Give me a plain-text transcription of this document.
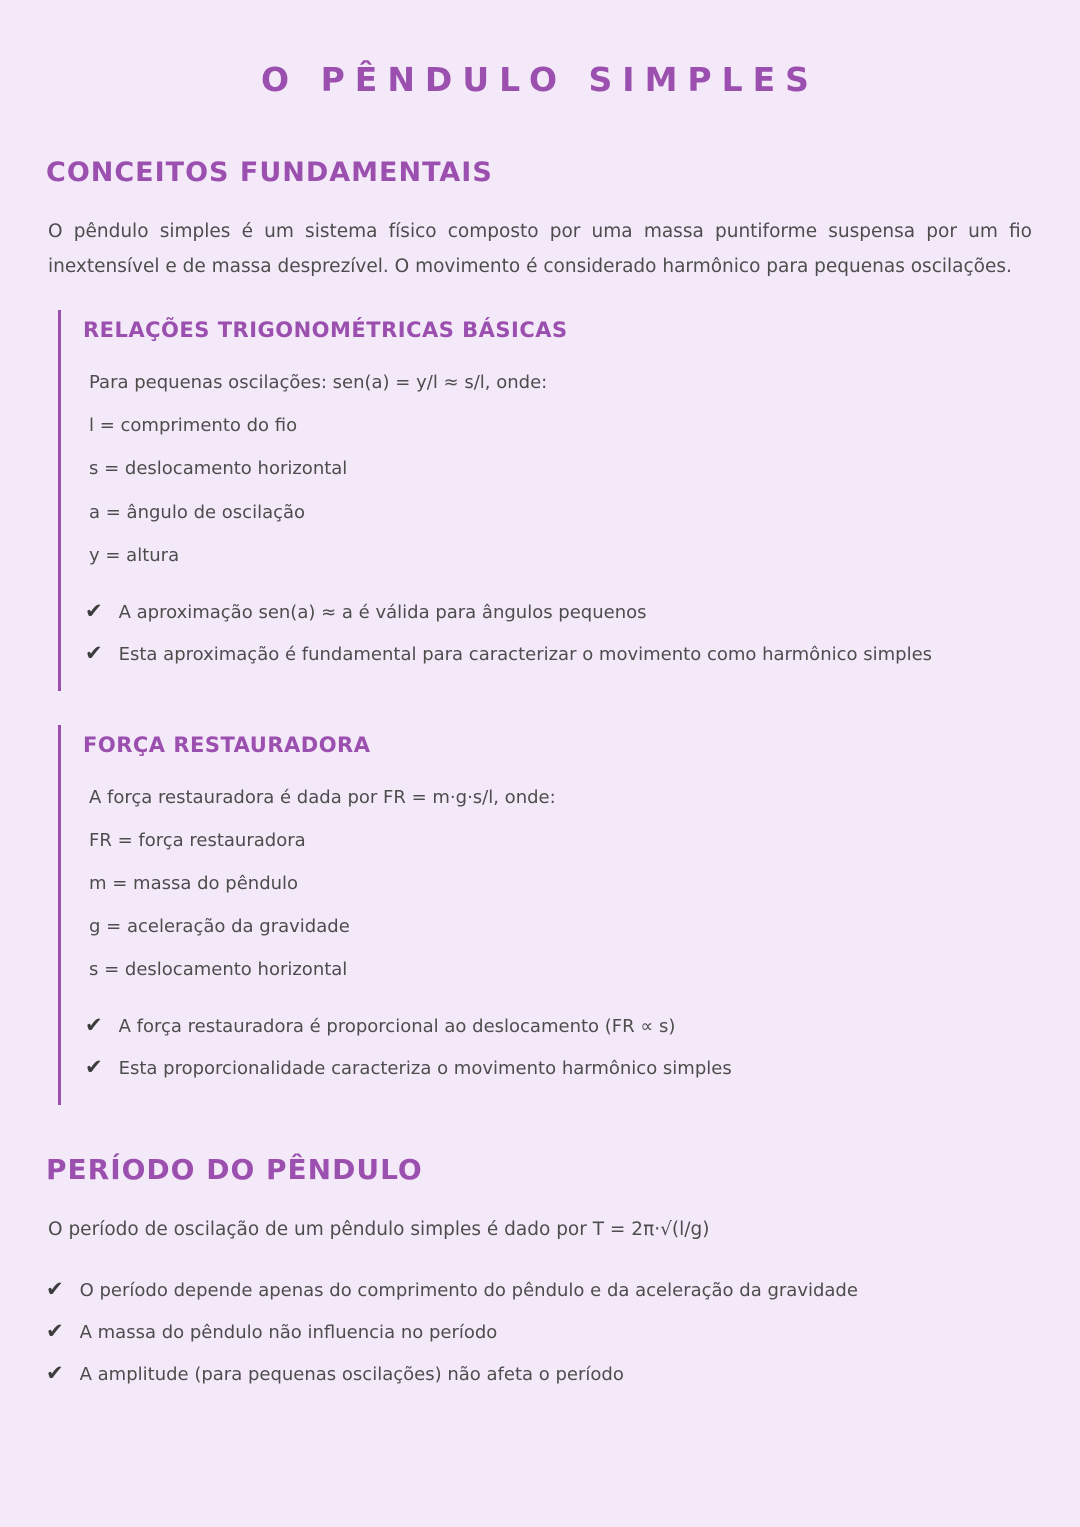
O PÊNDULO SIMPLES
CONCEITOS FUNDAMENTAIS

O pêndulo simples é um sistema físico composto por uma massa puntiforme suspensa por um fio inextensível e de massa desprezível. O movimento é considerado harmônico para pequenas oscilações.

RELAÇÕES TRIGONOMÉTRICAS BÁSICAS

Para pequenas oscilações: sen(a) = y/l ≈ s/l, onde:

l = comprimento do fio

s = deslocamento horizontal

a = ângulo de oscilação

y = altura

✔ A aproximação sen(a) ≈ a é válida para ângulos pequenos
✔ Esta aproximação é fundamental para caracterizar o movimento como harmônico simples
FORÇA RESTAURADORA

A força restauradora é dada por FR = m·g·s/l, onde:

FR = força restauradora

m = massa do pêndulo

g = aceleração da gravidade

s = deslocamento horizontal

✔ A força restauradora é proporcional ao deslocamento (FR ∝ s)
✔ Esta proporcionalidade caracteriza o movimento harmônico simples
PERÍODO DO PÊNDULO

O período de oscilação de um pêndulo simples é dado por T = 2π·√(l/g)

✔ O período depende apenas do comprimento do pêndulo e da aceleração da gravidade
✔ A massa do pêndulo não influencia no período
✔ A amplitude (para pequenas oscilações) não afeta o período
